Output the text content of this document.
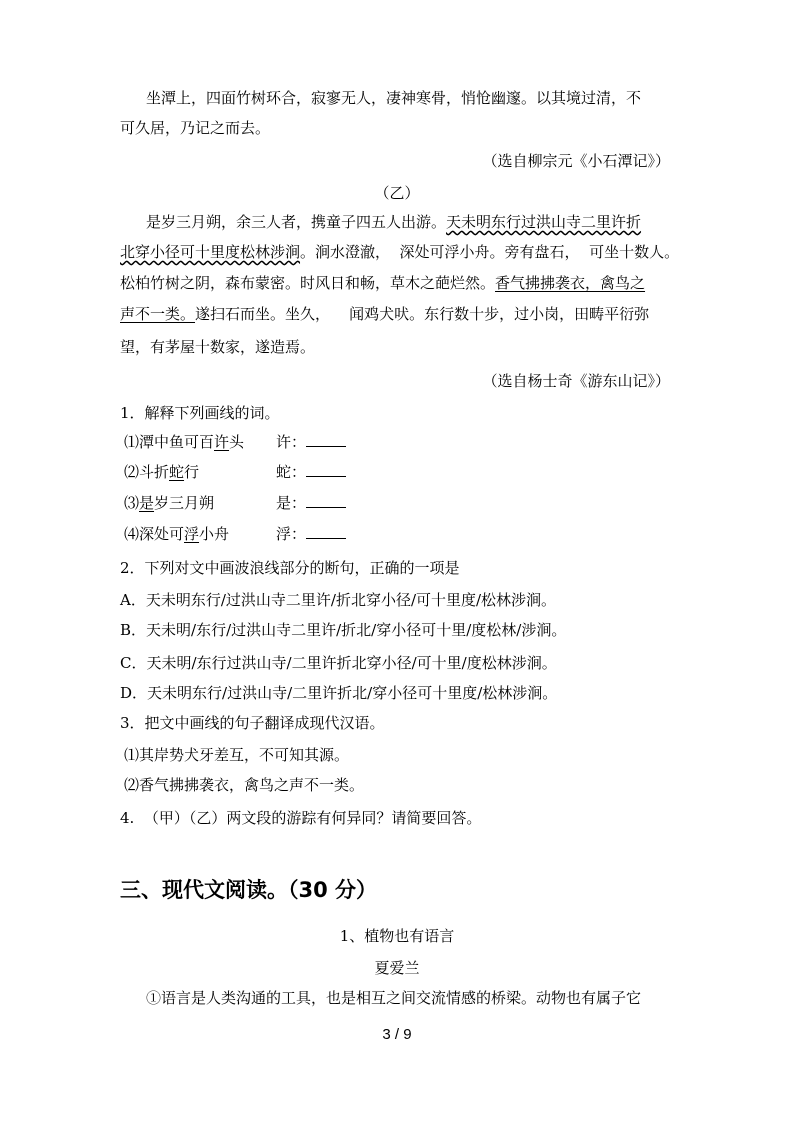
坐潭上，四面竹树环合，寂寥无人，凄神寒骨，悄怆幽邃。以其境过清，不
可久居，乃记之而去。
（选自柳宗元《小石潭记》）
（乙）
是岁三月朔，余三人者，携童子四五人出游。天未明东行过洪山寺二里许折
北穿小径可十里度松林涉涧。涧水澄澈，  深处可浮小舟。旁有盘石，  可坐十数人。
松柏竹树之阴，森布蒙密。时风日和畅，草木之葩烂然。香气拂拂袭衣，禽鸟之
声不一类。遂扫石而坐。坐久，    闻鸡犬吠。东行数十步，过小岗，田畴平衍弥
望，有茅屋十数家，遂造焉。
（选自杨士奇《游东山记》）
1．解释下列画线的词。
⑴潭中鱼可百许头 许：
⑵斗折蛇行	蛇：
⑶是岁三月朔	是：
⑷深处可浮小舟	浮：
2．下列对文中画波浪线部分的断句，正确的一项是
A．天未明东行/过洪山寺二里许/折北穿小径/可十里度/松林涉涧。
B．天未明/东行/过洪山寺二里许/折北/穿小径可十里/度松林/涉涧。
C．天未明/东行过洪山寺/二里许折北穿小径/可十里/度松林涉涧。
D．天未明东行/过洪山寺/二里许折北/穿小径可十里度/松林涉涧。
3．把文中画线的句子翻译成现代汉语。
⑴其岸势犬牙差互，不可知其源。
⑵香气拂拂袭衣，禽鸟之声不一类。
4.  （甲）（乙）两文段的游踪有何异同？请简要回答。
三、现代文阅读。（30 分）
1、植物也有语言
夏爱兰
①语言是人类沟通的工具，也是相互之间交流情感的桥梁。动物也有属子它
3 / 9
